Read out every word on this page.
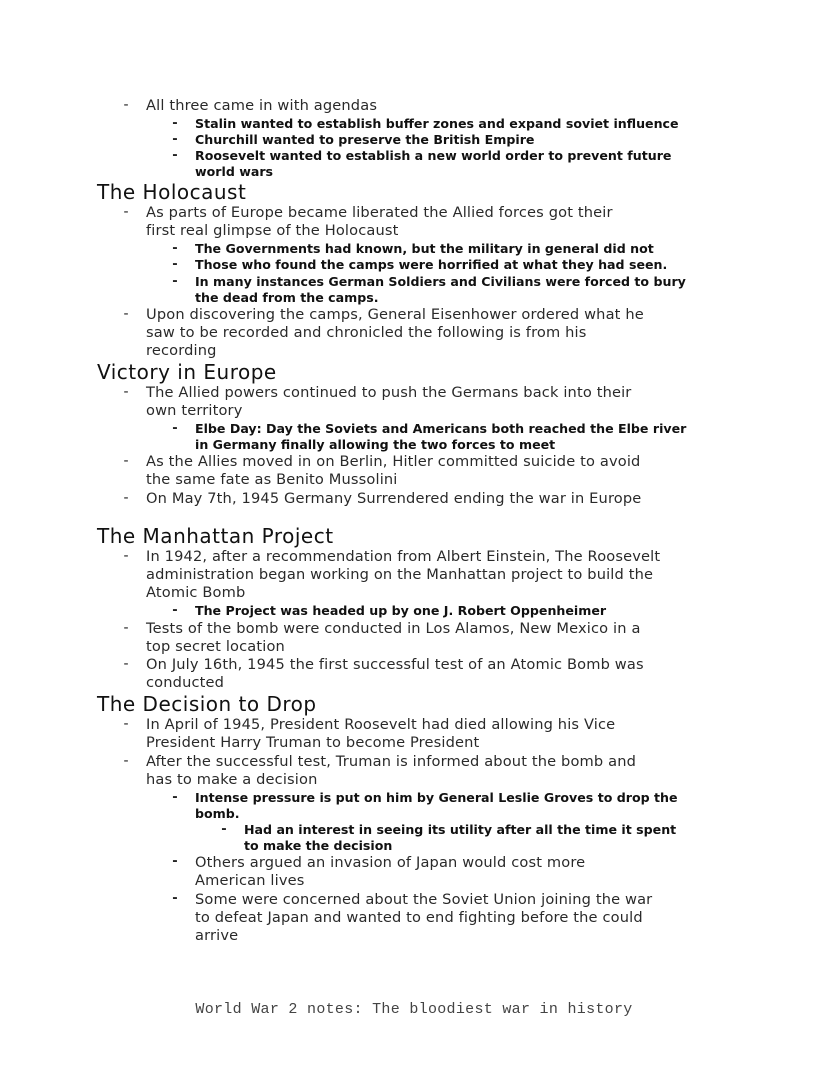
- All three came in with agendas
- Stalin wanted to establish buffer zones and expand soviet influence
- Churchill wanted to preserve the British Empire
- Roosevelt wanted to establish a new world order to prevent future
world wars
The Holocaust
- As parts of Europe became liberated the Allied forces got their
first real glimpse of the Holocaust
- The Governments had known, but the military in general did not
- Those who found the camps were horrified at what they had seen.
- In many instances German Soldiers and Civilians were forced to bury
the dead from the camps.
- Upon discovering the camps, General Eisenhower ordered what he
saw to be recorded and chronicled the following is from his
recording
Victory in Europe
- The Allied powers continued to push the Germans back into their
own territory
- Elbe Day: Day the Soviets and Americans both reached the Elbe river
in Germany finally allowing the two forces to meet
- As the Allies moved in on Berlin, Hitler committed suicide to avoid
the same fate as Benito Mussolini
- On May 7th, 1945 Germany Surrendered ending the war in Europe
The Manhattan Project
- In 1942, after a recommendation from Albert Einstein, The Roosevelt
administration began working on the Manhattan project to build the
Atomic Bomb
- The Project was headed up by one J. Robert Oppenheimer
- Tests of the bomb were conducted in Los Alamos, New Mexico in a
top secret location
- On July 16th, 1945 the first successful test of an Atomic Bomb was
conducted
The Decision to Drop
- In April of 1945, President Roosevelt had died allowing his Vice
President Harry Truman to become President
- After the successful test, Truman is informed about the bomb and
has to make a decision
- Intense pressure is put on him by General Leslie Groves to drop the
bomb.
- Had an interest in seeing its utility after all the time it spent
to make the decision
- Others argued an invasion of Japan would cost more
American lives
- Some were concerned about the Soviet Union joining the war
to defeat Japan and wanted to end fighting before the could
arrive
World War 2 notes: The bloodiest war in history
